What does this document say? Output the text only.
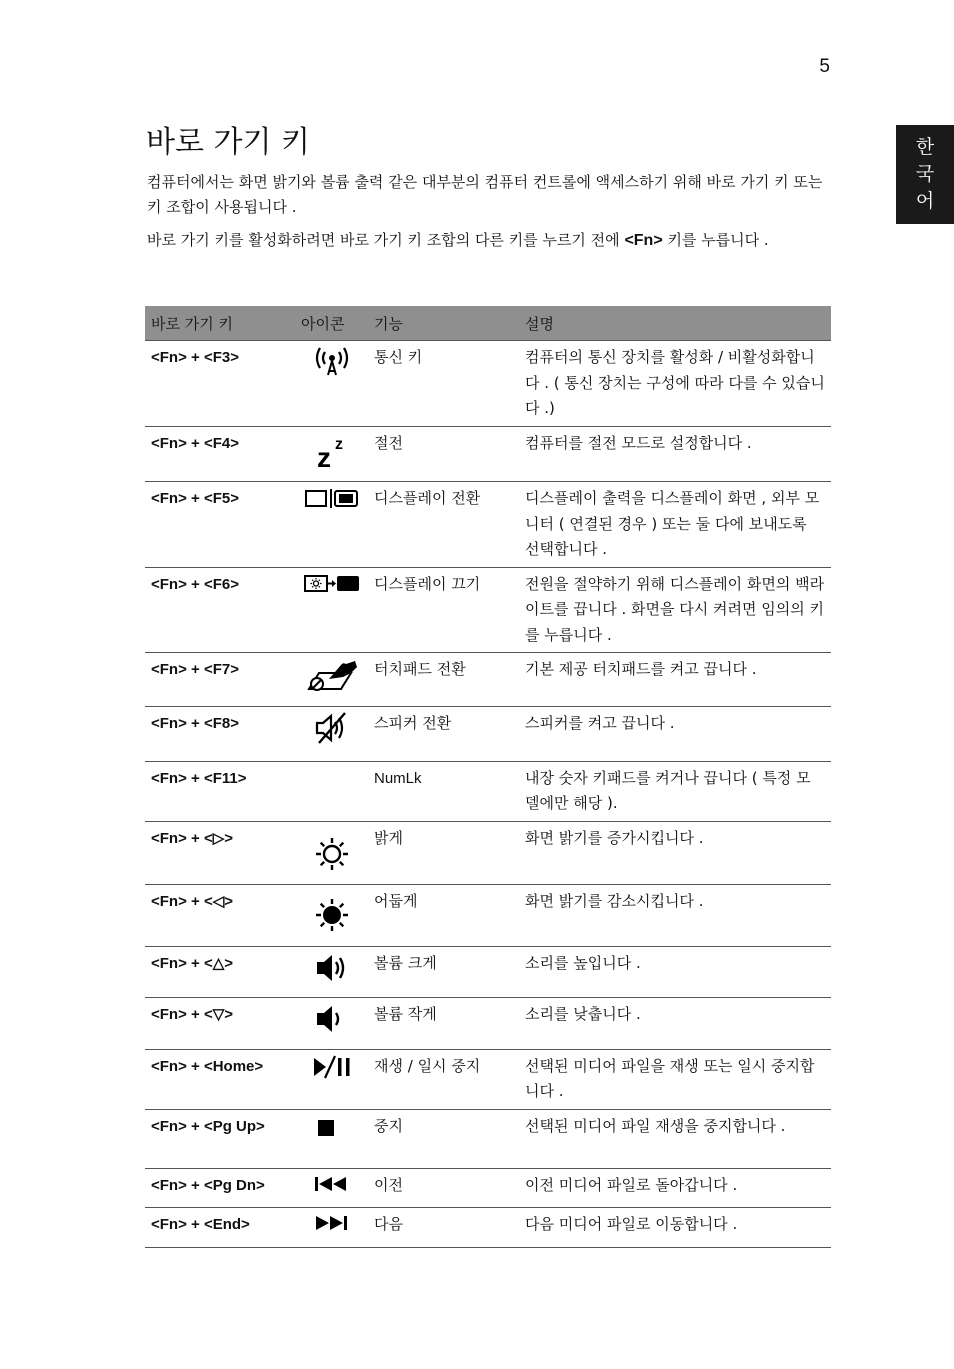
5
한
국
어
바로 가기 키

컴퓨터에서는 화면 밝기와 볼륨 출력 같은 대부분의 컴퓨터 컨트롤에 액세스하기 위해 바로 가기 키 또는 키 조합이 사용됩니다 .

바로 가기 키를 활성화하려면 바로 가기 키 조합의 다른 키를 누르기 전에 <Fn> 키를 누릅니다 .

바로 가기 키	아이콘	기능	설명
<Fn> + <F3>		통신 키	컴퓨터의 통신 장치를 활성화 / 비활성화합니다 . ( 통신 장치는 구성에 따라 다를 수 있습니다 .)
<Fn> + <F4>	z z	절전	컴퓨터를 절전 모드로 설정합니다 .
<Fn> + <F5>		디스플레이 전환	디스플레이 출력을 디스플레이 화면 , 외부 모니터 ( 연결된 경우 ) 또는 둘 다에 보내도록 선택합니다 .
<Fn> + <F6>		디스플레이 끄기	전원을 절약하기 위해 디스플레이 화면의 백라이트를 끕니다 . 화면을 다시 켜려면 임의의 키를 누릅니다 .
<Fn> + <F7>		터치패드 전환	기본 제공 터치패드를 켜고 끕니다 .
<Fn> + <F8>		스피커 전환	스피커를 켜고 끕니다 .
<Fn> + <F11>		NumLk	내장 숫자 키패드를 켜거나 끕니다 ( 특정 모델에만 해당 ).
<Fn> + <▷>		밝게	화면 밝기를 증가시킵니다 .
<Fn> + <◁>		어둡게	화면 밝기를 감소시킵니다 .
<Fn> + <△>		볼륨 크게	소리를 높입니다 .
<Fn> + <▽>		볼륨 작게	소리를 낮춥니다 .
<Fn> + <Home>		재생 / 일시 중지	선택된 미디어 파일을 재생 또는 일시 중지합니다 .
<Fn> + <Pg Up>		중지	선택된 미디어 파일 재생을 중지합니다 .
<Fn> + <Pg Dn>		이전	이전 미디어 파일로 돌아갑니다 .
<Fn> + <End>		다음	다음 미디어 파일로 이동합니다 .
